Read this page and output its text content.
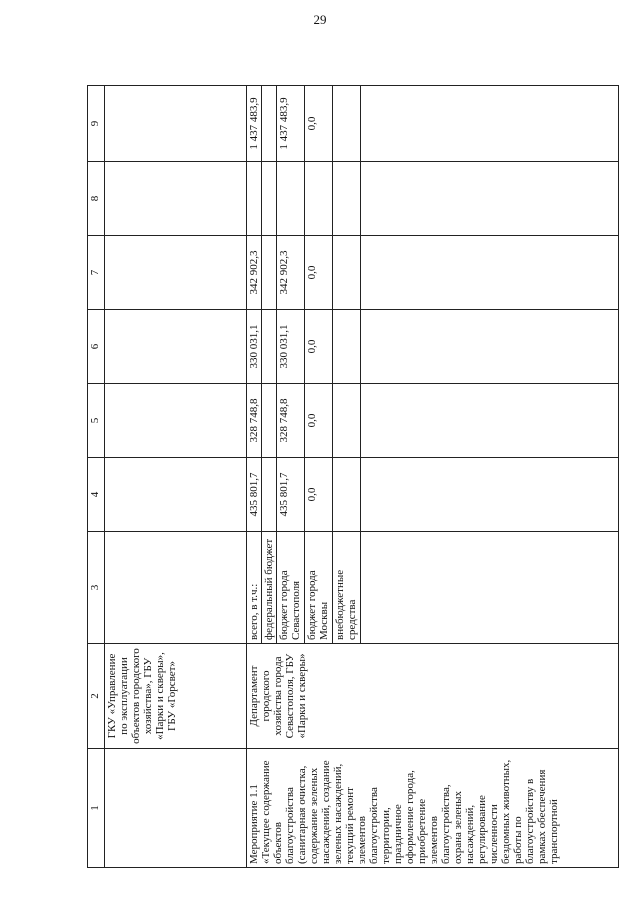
29
1	2	3	4	5	6	7	8	9
	ГКУ «Управление по эксплуатации объектов городского хозяйства», ГБУ «Парки и скверы», ГБУ «Горсвет»							
Мероприятие 1.1 «Текущее содержание объектов благоустройства (санитарная очистка, содержание зеленых насаждений, создание зеленых насаждений, текущий ремонт элементов благоустройства территории, праздничное оформление города, приобретение элементов благоустройства, охрана зеленых насаждений, регулирование численности бездомных животных, работы по благоустройству в рамках обеспечения транспортной	Департамент городского хозяйства города Севастополя, ГБУ «Парки и скверы»	всего, в т.ч.:	435 801,7	328 748,8	330 031,1	342 902,3		1 437 483,9
		федеральный бюджет						
		бюджет города Севастополя	435 801,7	328 748,8	330 031,1	342 902,3		1 437 483,9
		бюджет города Москвы	0,0	0,0	0,0	0,0		0,0
		внебюджетные средства						
